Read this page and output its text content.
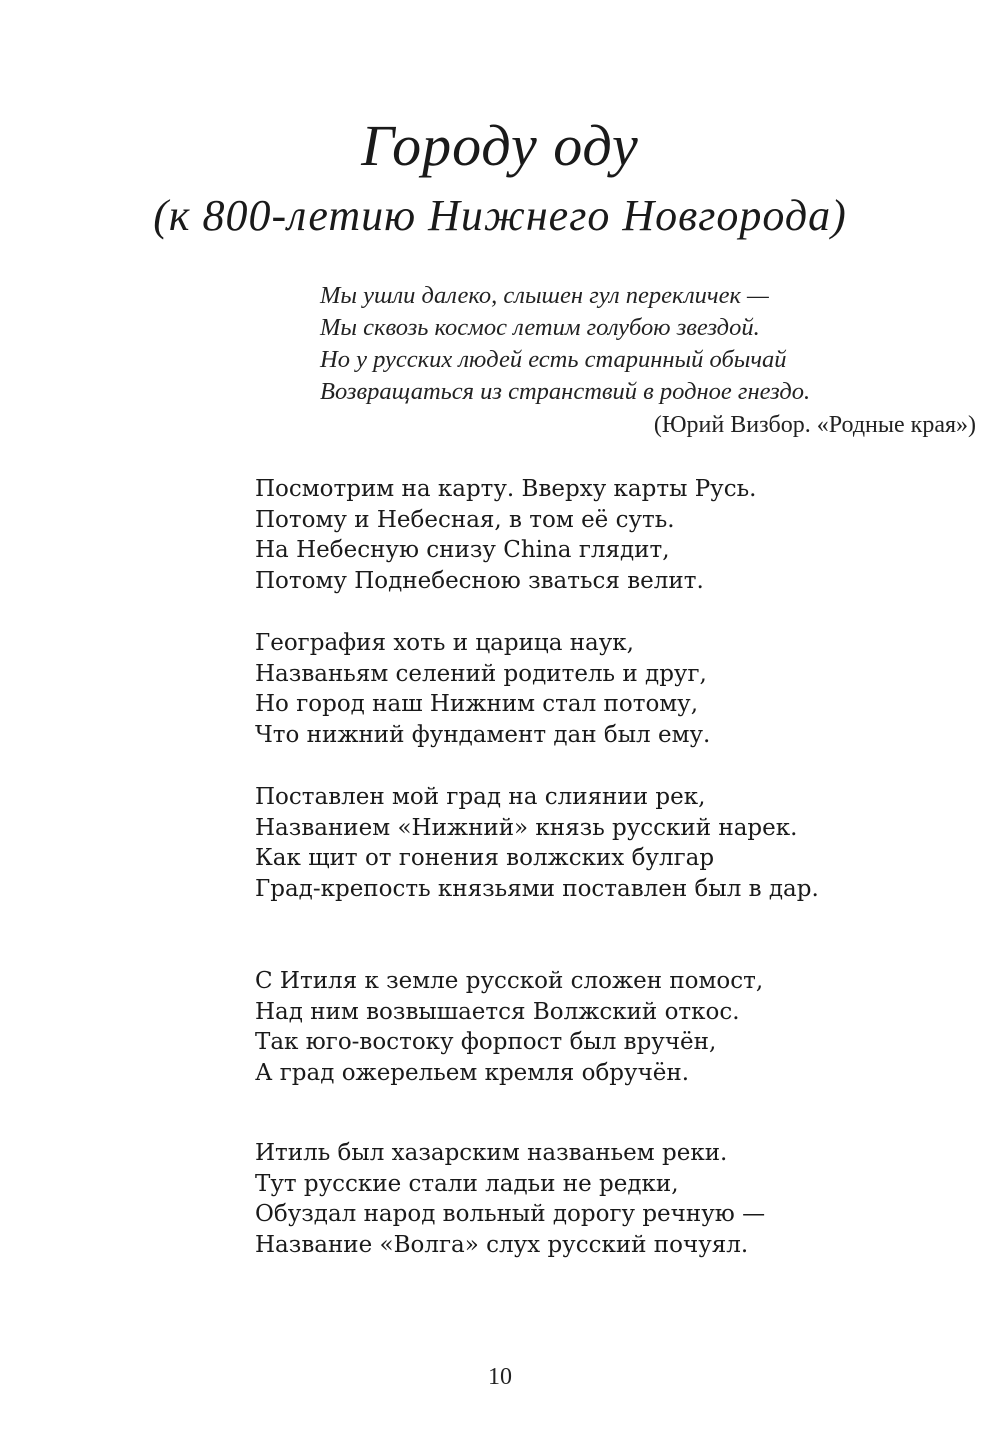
Городу оду
(к 800-летию Нижнего Новгорода)
Мы ушли далеко, слышен гул перекличек —
Мы сквозь космос летим голубою звездой.
Но у русских людей есть старинный обычай
Возвращаться из странствий в родное гнездо.
(Юрий Визбор. «Родные края»)
Посмотрим на карту. Вверху карты Русь.
Потому и Небесная, в том её суть.
На Небесную снизу China глядит,
Потому Поднебесною зваться велит.
География хоть и царица наук,
Названьям селений родитель и друг,
Но город наш Нижним стал потому,
Что нижний фундамент дан был ему.
Поставлен мой град на слиянии рек,
Названием «Нижний» князь русский нарек.
Как щит от гонения волжских булгар
Град-крепость князьями поставлен был в дар.
С Итиля к земле русской сложен помост,
Над ним возвышается Волжский откос.
Так юго-востоку форпост был вручён,
А град ожерельем кремля обручён.
Итиль был хазарским названьем реки.
Тут русские стали ладьи не редки,
Обуздал народ вольный дорогу речную —
Название «Волга» слух русский почуял.
10
